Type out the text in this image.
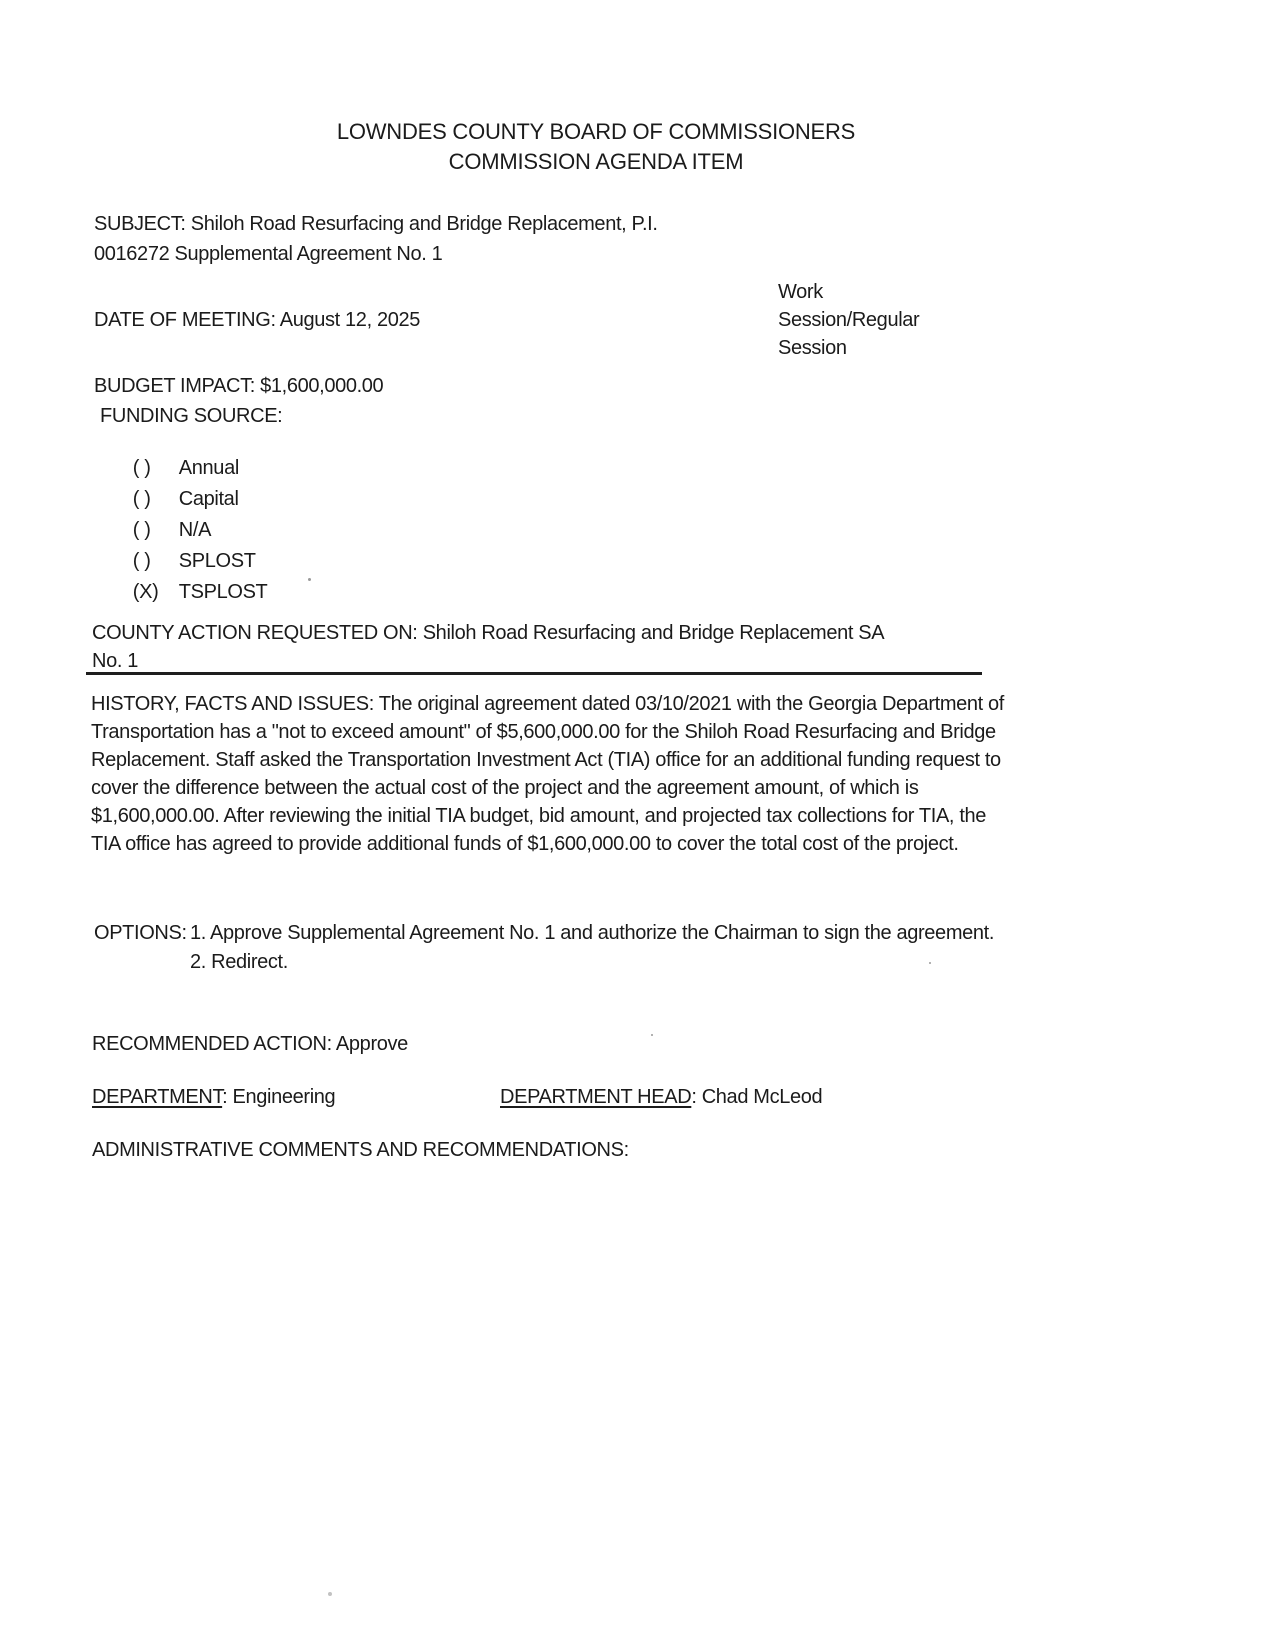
LOWNDES COUNTY BOARD OF COMMISSIONERS
COMMISSION AGENDA ITEM
SUBJECT: Shiloh Road Resurfacing and Bridge Replacement, P.I.
0016272 Supplemental Agreement No. 1
Work
Session/Regular
Session
DATE OF MEETING: August 12, 2025
BUDGET IMPACT: $1,600,000.00
FUNDING SOURCE:

( ) Annual

( ) Capital

( ) N/A

( ) SPLOST

(X) TSPLOST

COUNTY ACTION REQUESTED ON: Shiloh Road Resurfacing and Bridge Replacement SA
No. 1
HISTORY, FACTS AND ISSUES: The original agreement dated 03/10/2021 with the Georgia Department of
Transportation has a "not to exceed amount" of $5,600,000.00 for the Shiloh Road Resurfacing and Bridge
Replacement. Staff asked the Transportation Investment Act (TIA) office for an additional funding request to
cover the difference between the actual cost of the project and the agreement amount, of which is
$1,600,000.00. After reviewing the initial TIA budget, bid amount, and projected tax collections for TIA, the
TIA office has agreed to provide additional funds of $1,600,000.00 to cover the total cost of the project.
OPTIONS: 1. Approve Supplemental Agreement No. 1 and authorize the Chairman to sign the agreement.
2. Redirect.
RECOMMENDED ACTION: Approve
DEPARTMENT: Engineering	DEPARTMENT HEAD: Chad McLeod
ADMINISTRATIVE COMMENTS AND RECOMMENDATIONS:
